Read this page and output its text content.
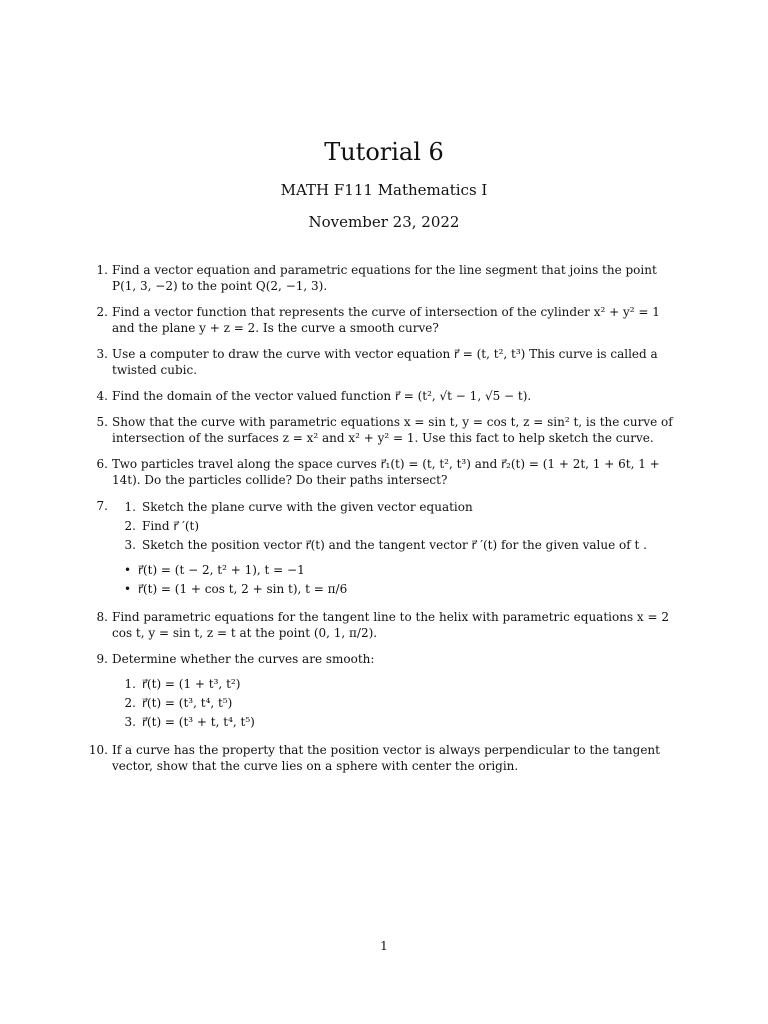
Tutorial 6
MATH F111 Mathematics I
November 23, 2022
1. Find a vector equation and parametric equations for the line segment that joins the point P(1, 3, −2) to the point Q(2, −1, 3).
2. Find a vector function that represents the curve of intersection of the cylinder x² + y² = 1 and the plane y + z = 2. Is the curve a smooth curve?
3. Use a computer to draw the curve with vector equation r⃗ = (t, t², t³) This curve is called a twisted cubic.
4. Find the domain of the vector valued function r⃗ = (t², √t − 1, √5 − t).
5. Show that the curve with parametric equations x = sin t, y = cos t, z = sin² t, is the curve of intersection of the surfaces z = x² and x² + y² = 1. Use this fact to help sketch the curve.
6. Two particles travel along the space curves r⃗₁(t) = (t, t², t³) and r⃗₂(t) = (1 + 2t, 1 + 6t, 1 + 14t). Do the particles collide? Do their paths intersect?
7.	1. Sketch the plane curve with the given vector equation
2. Find r⃗ ′(t)
3. Sketch the position vector r⃗(t) and the tangent vector r⃗ ′(t) for the given value of t .
• r⃗(t) = (t − 2, t² + 1), t = −1
• r⃗(t) = (1 + cos t, 2 + sin t), t = π/6
8. Find parametric equations for the tangent line to the helix with parametric equations x = 2 cos t, y = sin t, z = t at the point (0, 1, π/2).
9. Determine whether the curves are smooth:
1. r⃗(t) = (1 + t³, t²)
2. r⃗(t) = (t³, t⁴, t⁵)
3. r⃗(t) = (t³ + t, t⁴, t⁵)
10. If a curve has the property that the position vector is always perpendicular to the tangent vector, show that the curve lies on a sphere with center the origin.
1
